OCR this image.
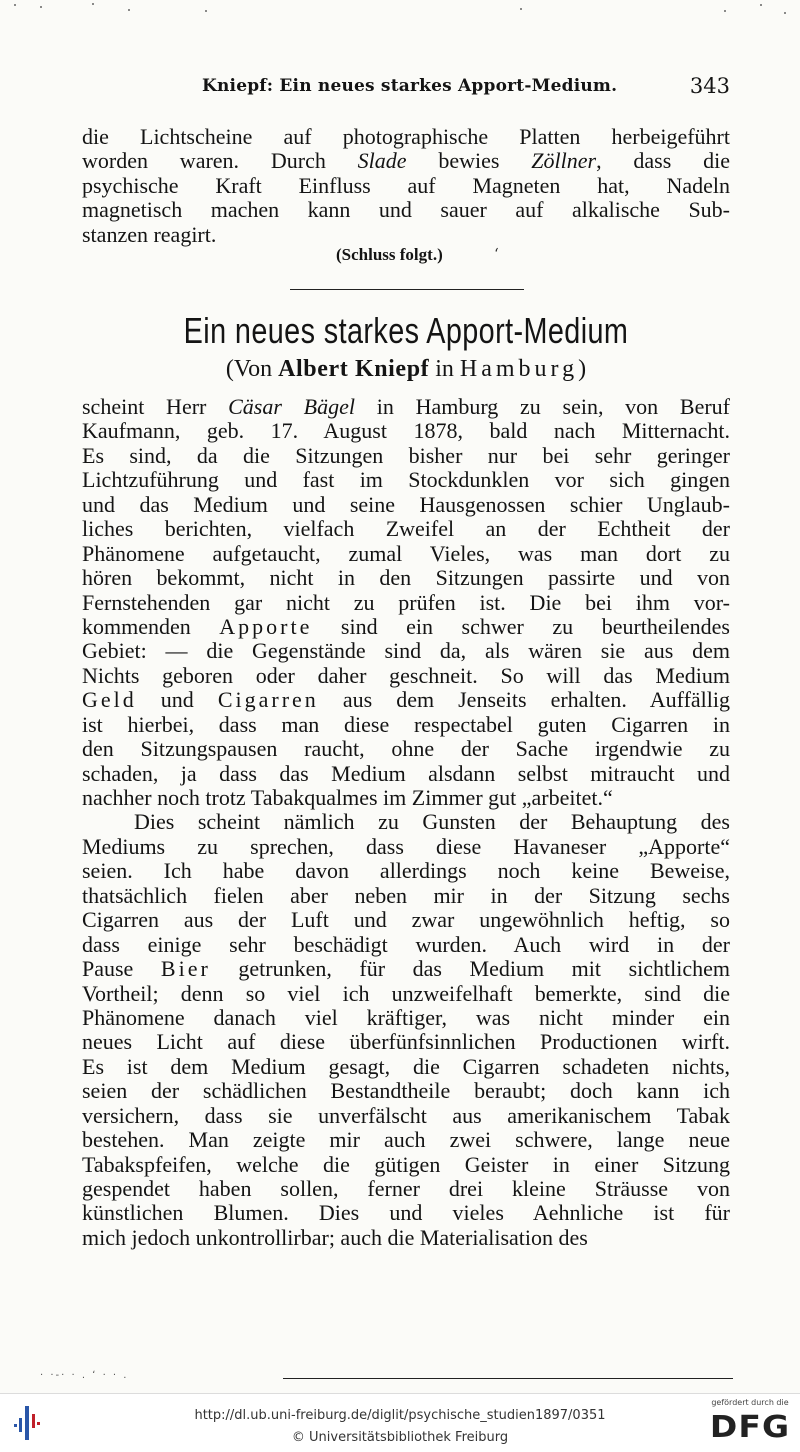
Kniepf: Ein neues starkes Apport-Medium.	343
die Lichtscheine auf photographische Platten herbeigeführt
worden waren. Durch Slade bewies Zöllner, dass die
psychische Kraft Einfluss auf Magneten hat, Nadeln
magnetisch machen kann und sauer auf alkalische Sub-
stanzen reagirt.
(Schluss folgt.)	ʻ
Ein neues starkes Apport-Medium
(Von Albert Kniepf in Hamburg)
scheint Herr Cäsar Bägel in Hamburg zu sein, von Beruf
Kaufmann, geb. 17. August 1878, bald nach Mitternacht.
Es sind, da die Sitzungen bisher nur bei sehr geringer
Lichtzuführung und fast im Stockdunklen vor sich gingen
und das Medium und seine Hausgenossen schier Unglaub-
liches berichten, vielfach Zweifel an der Echtheit der
Phänomene aufgetaucht, zumal Vieles, was man dort zu
hören bekommt, nicht in den Sitzungen passirte und von
Fernstehenden gar nicht zu prüfen ist. Die bei ihm vor-
kommenden Apporte sind ein schwer zu beurtheilendes
Gebiet: — die Gegenstände sind da, als wären sie aus dem
Nichts geboren oder daher geschneit. So will das Medium
Geld und Cigarren aus dem Jenseits erhalten. Auffällig
ist hierbei, dass man diese respectabel guten Cigarren in
den Sitzungspausen raucht, ohne der Sache irgendwie zu
schaden, ja dass das Medium alsdann selbst mitraucht und
nachher noch trotz Tabakqualmes im Zimmer gut „arbeitet.“
Dies scheint nämlich zu Gunsten der Behauptung des
Mediums zu sprechen, dass diese Havaneser „Apporte“
seien. Ich habe davon allerdings noch keine Beweise,
thatsächlich fielen aber neben mir in der Sitzung sechs
Cigarren aus der Luft und zwar ungewöhnlich heftig, so
dass einige sehr beschädigt wurden. Auch wird in der
Pause Bier getrunken, für das Medium mit sichtlichem
Vortheil; denn so viel ich unzweifelhaft bemerkte, sind die
Phänomene danach viel kräftiger, was nicht minder ein
neues Licht auf diese überfünfsinnlichen Productionen wirft.
Es ist dem Medium gesagt, die Cigarren schadeten nichts,
seien der schädlichen Bestandtheile beraubt; doch kann ich
versichern, dass sie unverfälscht aus amerikanischem Tabak
bestehen. Man zeigte mir auch zwei schwere, lange neue
Tabakspfeifen, welche die gütigen Geister in einer Sitzung
gespendet haben sollen, ferner drei kleine Sträusse von
künstlichen Blumen. Dies und vieles Aehnliche ist für
mich jedoch unkontrollirbar; auch die Materialisation des
· ·‑· · . ʻ · · .
http://dl.ub.uni-freiburg.de/diglit/psychische_studien1897/0351
© Universitätsbibliothek Freiburg
gefördert durch die
DFG
